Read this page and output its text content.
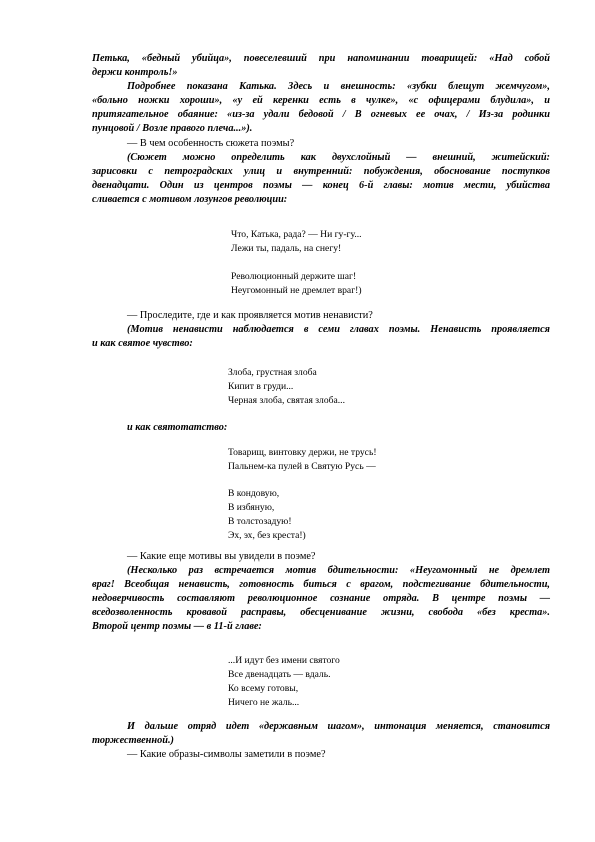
Петька, «бедный убийца», повеселевший при напоминании товарищей: «Над собой
держи контроль!»
Подробнее показана Катька. Здесь и внешность: «зубки блещут жемчугом»,
«больно ножки хороши», «у ей керенки есть в чулке», «с офицерами блудила», и
притягательное обаяние: «из-за удали бедовой / В огневых ее очах, / Из-за родинки
пунцовой / Возле правого плеча...»).
— В чем особенность сюжета поэмы?
(Сюжет можно определить как двухслойный — внешний, житейский:
зарисовки с петроградских улиц и внутренний: побуждения, обоснование поступков
двенадцати. Один из центров поэмы — конец 6-й главы: мотив мести, убийства
сливается с мотивом лозунгов революции:
Что, Катька, рада? — Ни гу-гу...
Лежи ты, падаль, на снегу!
Революционный держите шаг!
Неугомонный не дремлет враг!)
— Проследите, где и как проявляется мотив ненависти?
(Мотив ненависти наблюдается в семи главах поэмы. Ненависть проявляется
и как святое чувство:
Злоба, грустная злоба
Кипит в груди...
Черная злоба, святая злоба...
и как святотатство:
Товарищ, винтовку держи, не трусь!
Пальнем-ка пулей в Святую Русь —
В кондовую,
В избяную,
В толстозадую!
Эх, эх, без креста!)
— Какие еще мотивы вы увидели в поэме?
(Несколько раз встречается мотив бдительности: «Неугомонный не дремлет
враг! Всеобщая ненависть, готовность биться с врагом, подстегивание бдительности,
недоверчивость составляют революционное сознание отряда. В центре поэмы —
вседозволенность кровавой расправы, обесценивание жизни, свобода «без креста».
Второй центр поэмы — в 11-й главе:
...И идут без имени святого
Все двенадцать — вдаль.
Ко всему готовы,
Ничего не жаль...
И дальше отряд идет «державным шагом», интонация меняется, становится
торжественной.)
— Какие образы-символы заметили в поэме?
